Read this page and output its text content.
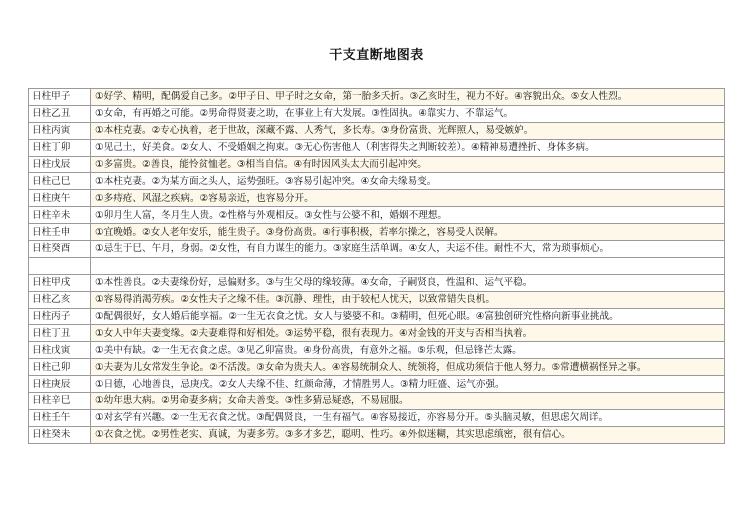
干支直断地图表
日柱甲子	①好学、精明，配偶爱自己多。②甲子日、甲子时之女命，第一胎多夭折。③乙亥时生，视力不好。④容貌出众。⑤女人性烈。
日柱乙丑	①女命，有再婚之可能。②男命得贤妻之助，在事业上有大发展。③性固执。④靠实力、不靠运气。
日柱丙寅	①本柱克妻。②专心执着，老于世故，深藏不露、人秀气，多长寿。③身份富贵、光辉照人，易受嫉妒。
日柱丁卯	①见己土，好美食。②女人、不受婚姻之拘束。③无心伤害他人（利害得失之判断较差）。④精神易遭挫折、身体多病。
日柱戊辰	①多富贵。②善良，能怜贫恤老。③相当自信。④有时因风头太大而引起冲突。
日柱己巳	①本柱克妻。②为某方面之头人，运势强旺。③容易引起冲突。④女命夫缘易变。
日柱庚午	①多痔疮、风湿之疾病。②容易亲近，也容易分开。
日柱辛未	①卯月生人富，冬月生人贵。②性格与外观相反。③女性与公婆不和，婚姻不理想。
日柱壬申	①宜晚婚。②女人老年安乐，能生贵子。③身份高贵。④行事积极，若率尔操之，容易受人误解。
日柱癸酉	①忌生于巳、午月，身弱。②女性，有自力谋生的能力。③家庭生活单调。④女人，夫运不佳。耐性不大，常为琐事烦心。

日柱甲戌	①本性善良。②夫妻缘份好，忌偏财多。③与生父母的缘较薄。④女命，子嗣贤良，性温和、运气平稳。
日柱乙亥	①容易得消渴劳疾。②女性夫子之缘不佳。③沉静、理性，由于较杞人忧天，以致常错失良机。
日柱丙子	①配偶很好，女人婚后能享福。②一生无衣食之忧。女人与婆婆不和。③精明，但死心眼。④富独创研究性格向新事业挑战。
日柱丁丑	①女人中年夫妻变缘。②夫妻难得和好相处。③运势平稳，很有表现力。④对金钱的开支与否相当执着。
日柱戊寅	①美中有缺。②一生无衣食之虑。③见乙卯富贵。④身份高贵，有意外之福。⑤乐观，但忌锋芒太露。
日柱己卯	①夫妻为儿女常发生争论。②不活泼。③女命为贵夫人。④容易统制众人、统领将，但成功须信于他人努力。⑤常遭横祸怪异之事。
日柱庚辰	①日德，心地善良，忌庚戌。②女人夫缘不佳、红颜命薄，才情胜男人。③精力旺盛、运气亦强。
日柱辛巳	①幼年患大病。②男命妻多病；女命夫善变。③性多猜忌疑惑，不易屈服。
日柱壬午	①对玄学有兴趣。②一生无衣食之忧。③配偶贤良，一生有福气。④容易接近，亦容易分开。⑤头脑灵敏，但思虑欠周详。
日柱癸未	①衣食之忧。②男性老实、真诚，为妻多劳。③多才多艺，聪明、性巧。④外似迷糊，其实思虑缜密，很有信心。
